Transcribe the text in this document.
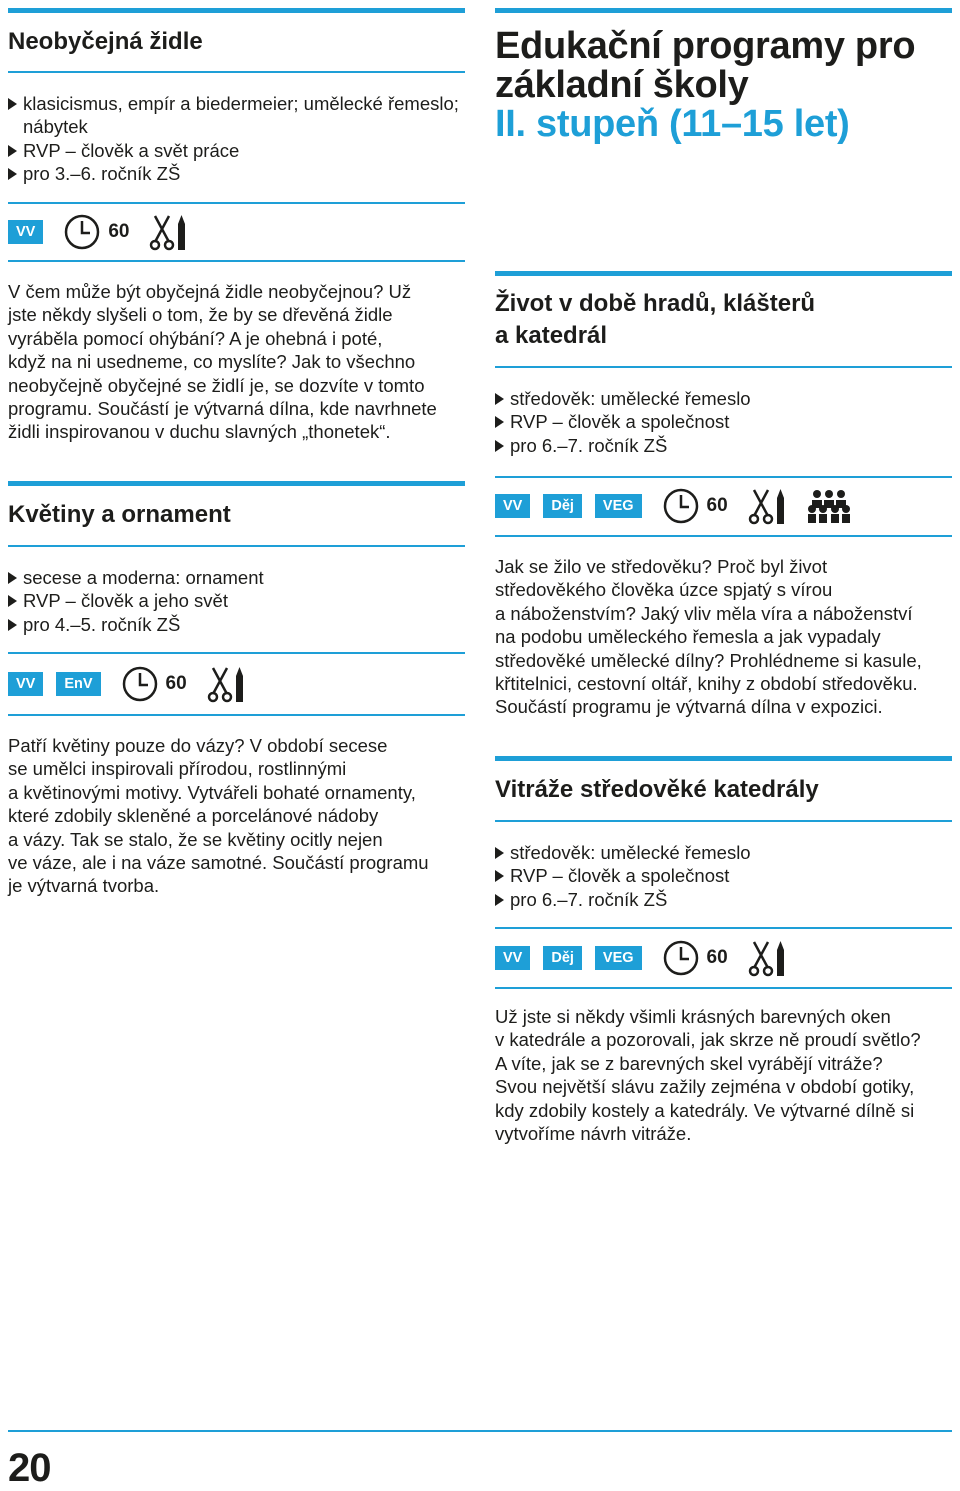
Neobyčejná židle
klasicismus, empír a biedermeier; umělecké řemeslo; nábytek
RVP – člověk a svět práce
pro 3.–6. ročník ZŠ
VV	60

V čem může být obyčejná židle neobyčejnou? Už
jste někdy slyšeli o tom, že by se dřevěná židle
vyráběla pomocí ohýbání? A je ohebná i poté,
když na ni usedneme, co myslíte? Jak to všechno
neobyčejně obyčejné se židlí je, se dozvíte v tomto
programu. Součástí je výtvarná dílna, kde navrhnete
židli inspirovanou v duchu slavných „thonetek“.

Květiny a ornament
secese a moderna: ornament
RVP – člověk a jeho svět
pro 4.–5. ročník ZŠ
VV	EnV	60

Patří květiny pouze do vázy? V období secese
se umělci inspirovali přírodou, rostlinnými
a květinovými motivy. Vytvářeli bohaté ornamenty,
které zdobily skleněné a porcelánové nádoby
a vázy. Tak se stalo, že se květiny ocitly nejen
ve váze, ale i na váze samotné. Součástí programu
je výtvarná tvorba.

Edukační programy pro
základní školy
II. stupeň (11–15 let)
Život v době hradů, klášterů
a katedrál
středověk: umělecké řemeslo
RVP – člověk a společnost
pro 6.–7. ročník ZŠ
VV	Děj	VEG	60

Jak se žilo ve středověku? Proč byl život
středověkého člověka úzce spjatý s vírou
a náboženstvím? Jaký vliv měla víra a náboženství
na podobu uměleckého řemesla a jak vypadaly
středověké umělecké dílny? Prohlédneme si kasule,
křtitelnici, cestovní oltář, knihy z období středověku.
Součástí programu je výtvarná dílna v expozici.

Vitráže středověké katedrály
středověk: umělecké řemeslo
RVP – člověk a společnost
pro 6.–7. ročník ZŠ
VV	Děj	VEG	60

Už jste si někdy všimli krásných barevných oken
v katedrále a pozorovali, jak skrze ně proudí světlo?
A víte, jak se z barevných skel vyrábějí vitráže?
Svou největší slávu zažily zejména v období gotiky,
kdy zdobily kostely a katedrály. Ve výtvarné dílně si
vytvoříme návrh vitráže.

20
